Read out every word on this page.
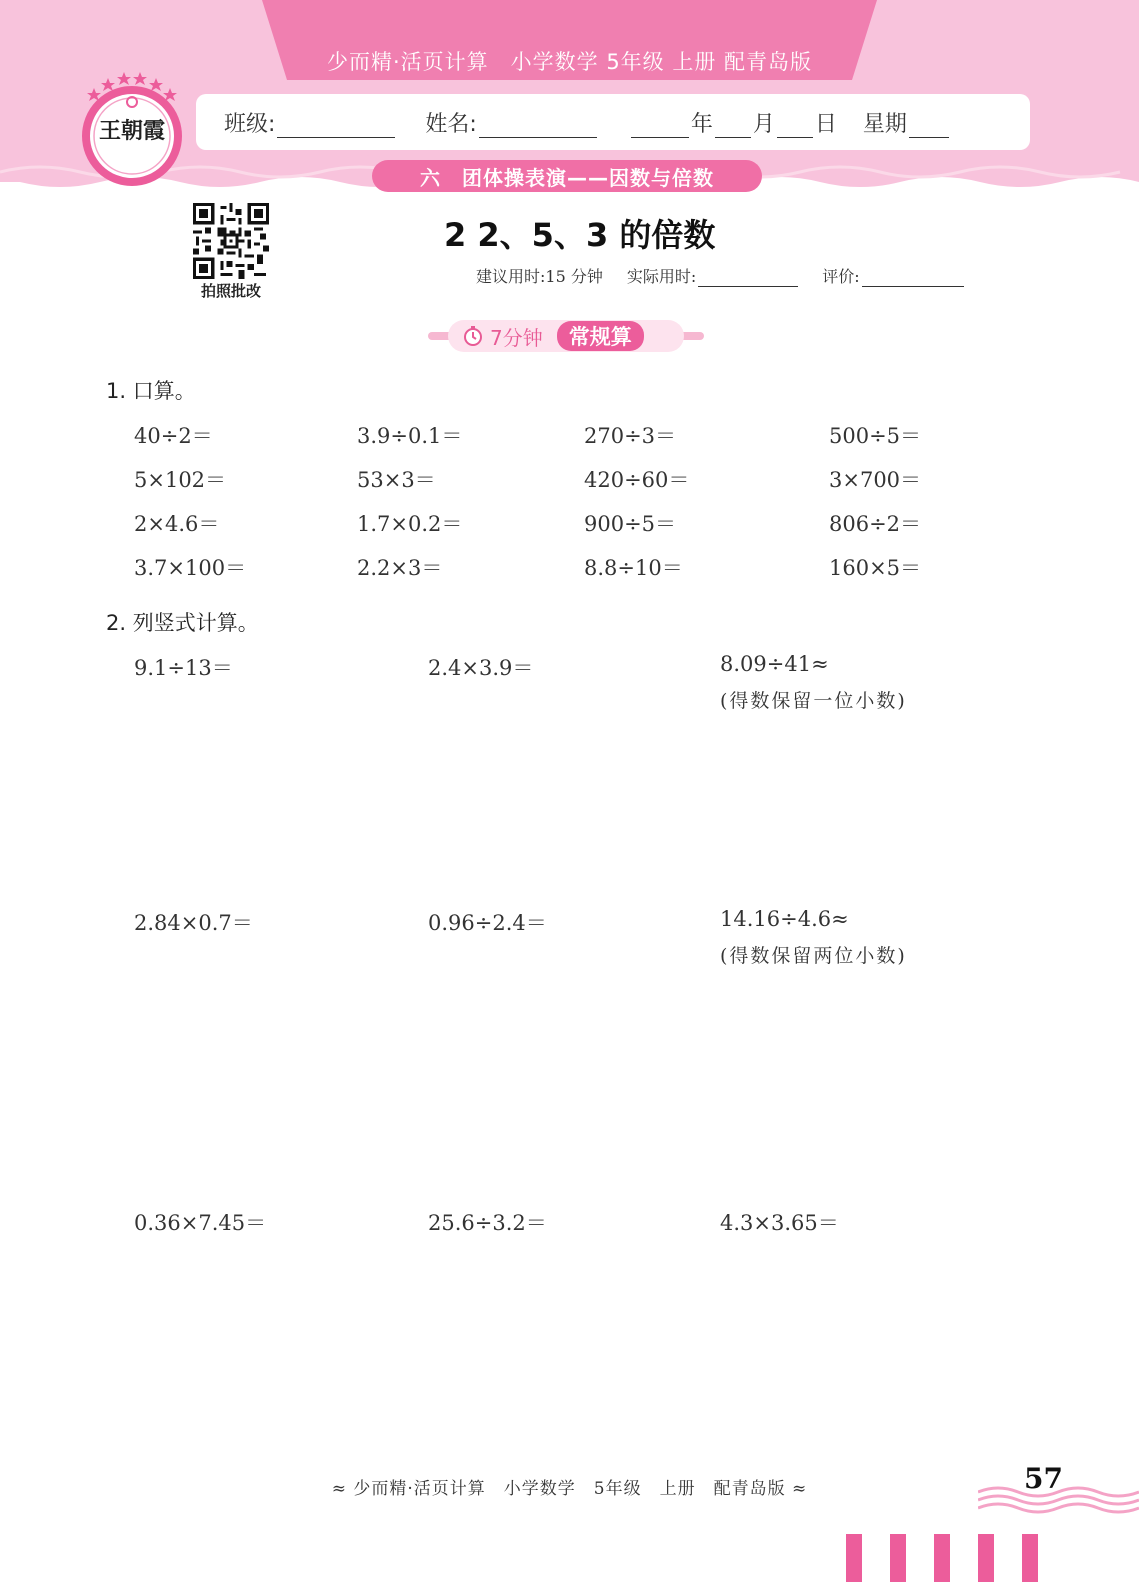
少而精·活页计算　小学数学 5年级 上册 配青岛版
王朝霞	班级:	姓名:	年 月 日 星期
六　团体操表演——因数与倍数
拍照批改
2 2、5、3 的倍数
建议用时:15 分钟 实际用时:	评价:
7分钟	常规算
1. 口算。
40÷2＝	3.9÷0.1＝	270÷3＝	500÷5＝
5×102＝	53×3＝	420÷60＝	3×700＝
2×4.6＝	1.7×0.2＝	900÷5＝	806÷2＝
3.7×100＝	2.2×3＝	8.8÷10＝	160×5＝
2. 列竖式计算。
9.1÷13＝	2.4×3.9＝	8.09÷41≈
(得数保留一位小数)
2.84×0.7＝	0.96÷2.4＝	14.16÷4.6≈
(得数保留两位小数)
0.36×7.45＝	25.6÷3.2＝	4.3×3.65＝
≈ 少而精·活页计算　小学数学　5年级　上册　配青岛版 ≈	57
